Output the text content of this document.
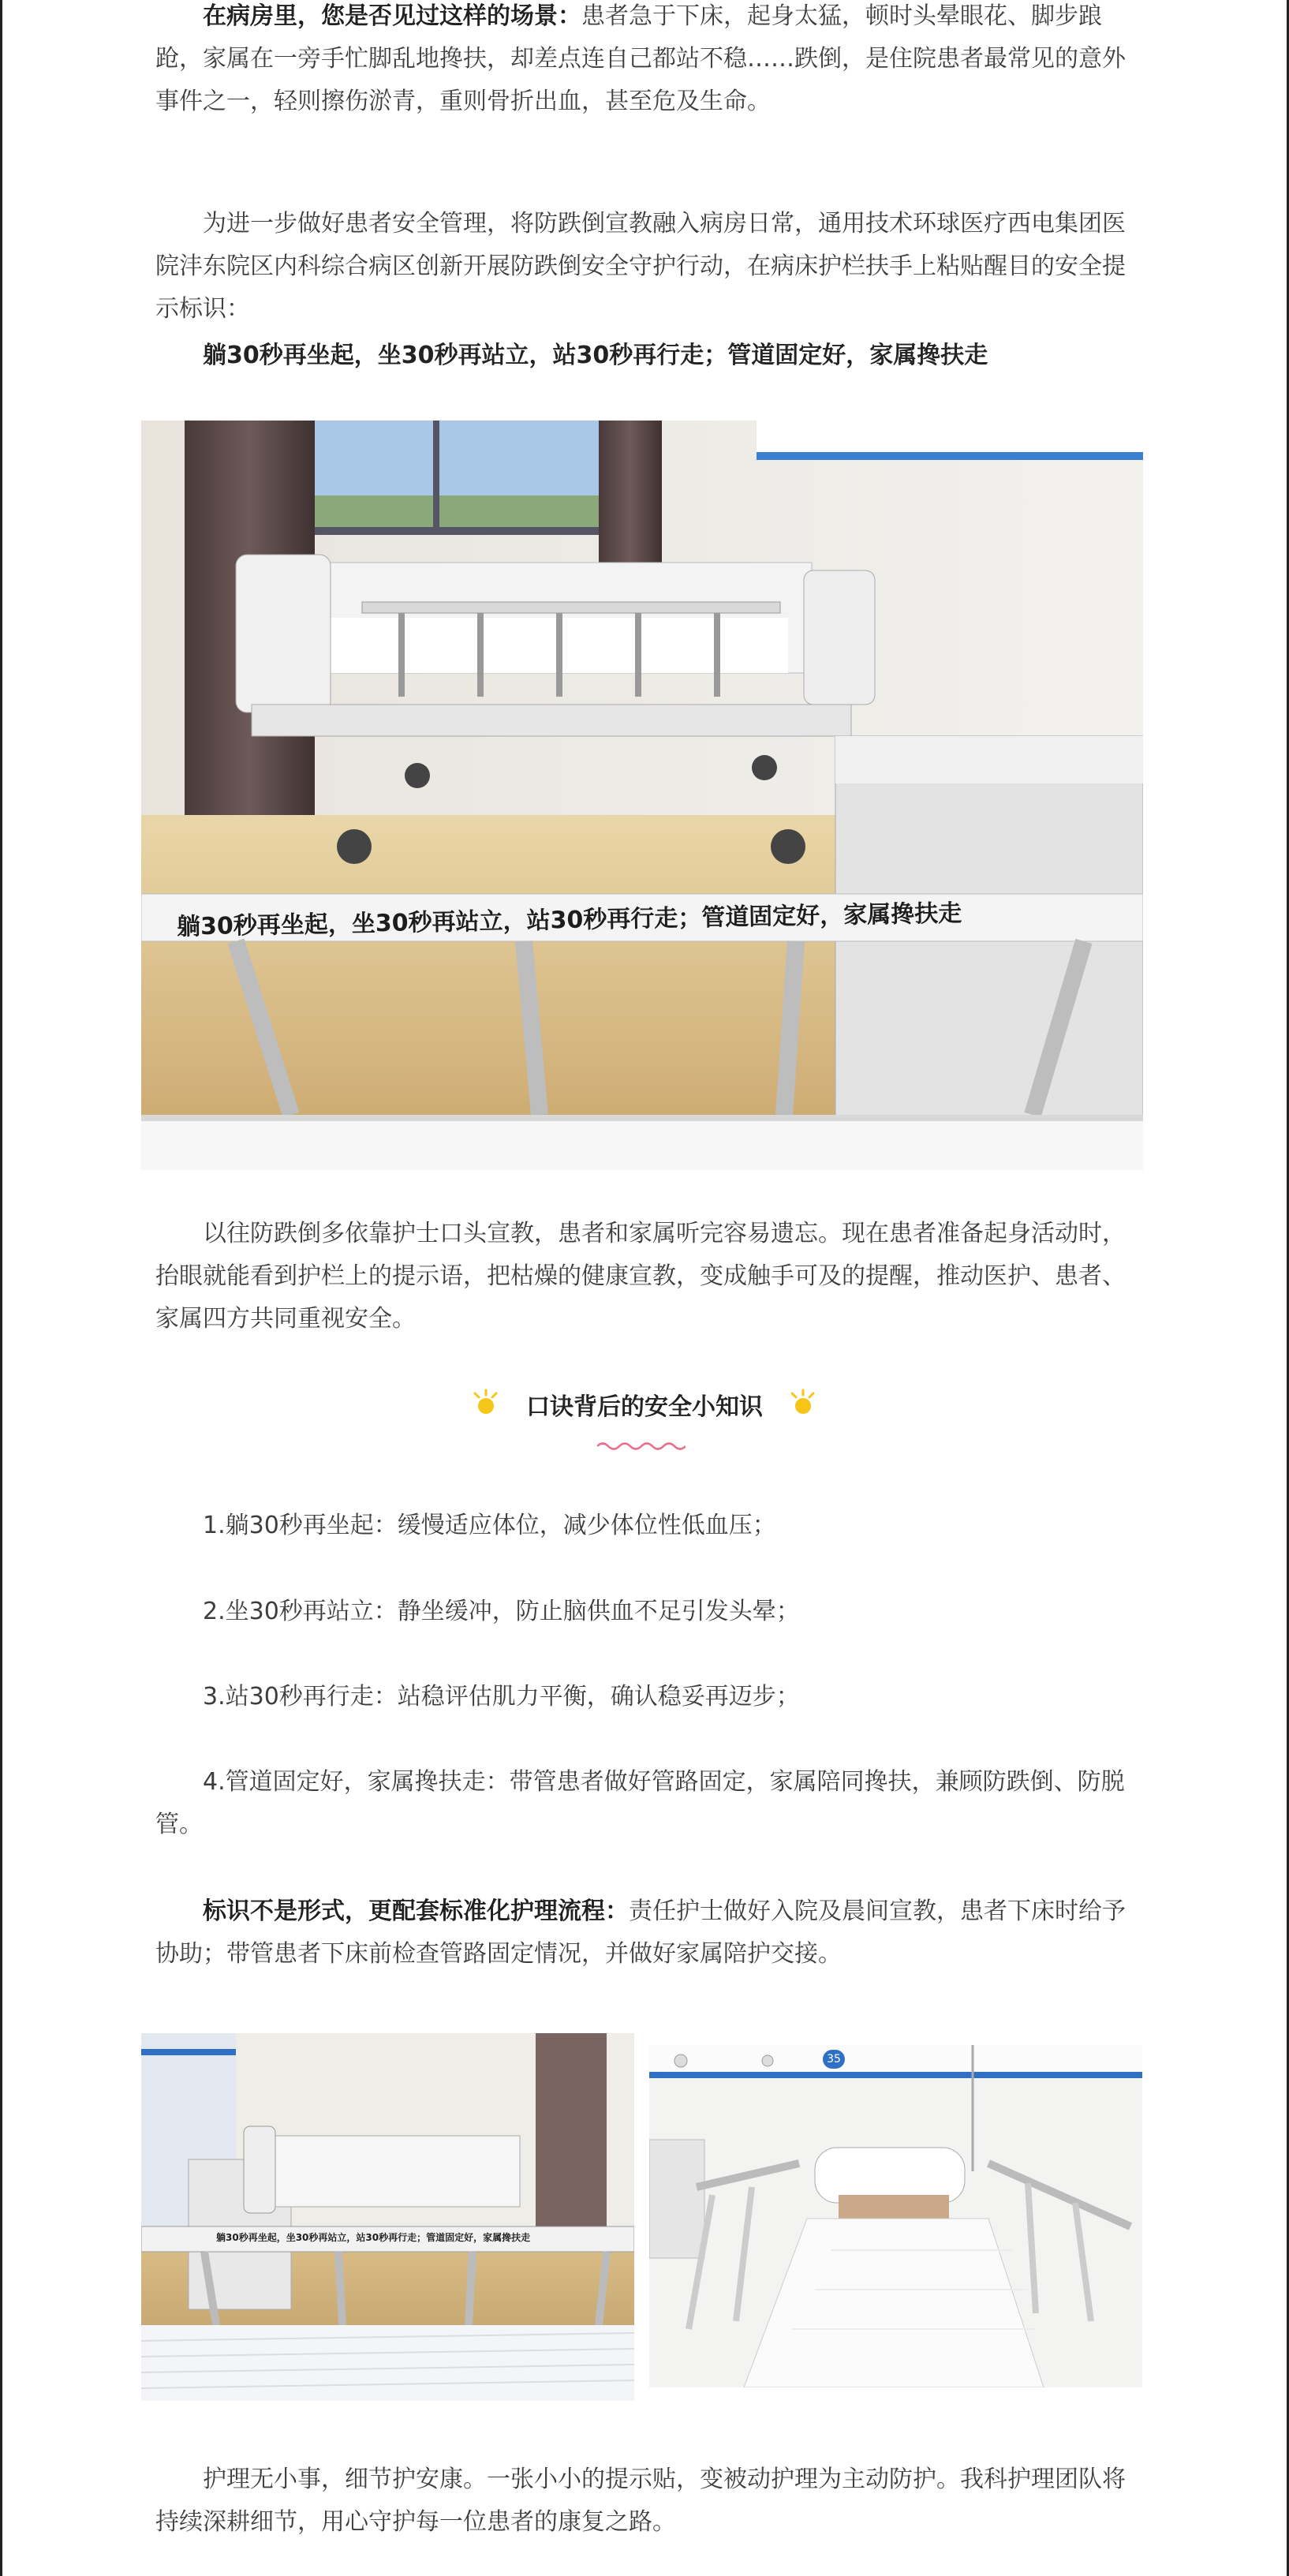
在病房里，您是否见过这样的场景：患者急于下床，起身太猛，顿时头晕眼花、脚步踉跄，家属在一旁手忙脚乱地搀扶，却差点连自己都站不稳……跌倒，是住院患者最常见的意外事件之一，轻则擦伤淤青，重则骨折出血，甚至危及生命。

为进一步做好患者安全管理，将防跌倒宣教融入病房日常，通用技术环球医疗西电集团医院沣东院区内科综合病区创新开展防跌倒安全守护行动，在病床护栏扶手上粘贴醒目的安全提示标识：

躺30秒再坐起，坐30秒再站立，站30秒再行走；管道固定好，家属搀扶走

躺30秒再坐起，坐30秒再站立，站30秒再行走；管道固定好，家属搀扶走

以往防跌倒多依靠护士口头宣教，患者和家属听完容易遗忘。现在患者准备起身活动时，抬眼就能看到护栏上的提示语，把枯燥的健康宣教，变成触手可及的提醒，推动医护、患者、家属四方共同重视安全。

口诀背后的安全小知识

1.躺30秒再坐起：缓慢适应体位，减少体位性低血压；

2.坐30秒再站立：静坐缓冲，防止脑供血不足引发头晕；

3.站30秒再行走：站稳评估肌力平衡，确认稳妥再迈步；

4.管道固定好，家属搀扶走：带管患者做好管路固定，家属陪同搀扶，兼顾防跌倒、防脱管。

标识不是形式，更配套标准化护理流程：责任护士做好入院及晨间宣教，患者下床时给予协助；带管患者下床前检查管路固定情况，并做好家属陪护交接。

躺30秒再坐起，坐30秒再站立，站30秒再行走；管道固定好，家属搀扶走
35

护理无小事，细节护安康。一张小小的提示贴，变被动护理为主动防护。我科护理团队将持续深耕细节，用心守护每一位患者的康复之路。
